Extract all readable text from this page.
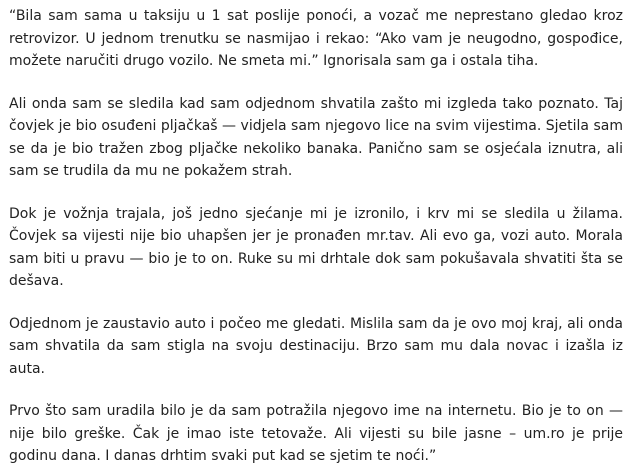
“Bila sam sama u taksiju u 1 sat poslije ponoći, a vozač me neprestano gledao kroz retrovizor. U jednom trenutku se nasmijao i rekao: “Ako vam je neugodno, gospođice, možete naručiti drugo vozilo. Ne smeta mi.” Ignorisala sam ga i ostala tiha.

Ali onda sam se sledila kad sam odjednom shvatila zašto mi izgleda tako poznato. Taj čovjek je bio osuđeni pljačkaš — vidjela sam njegovo lice na svim vijestima. Sjetila sam se da je bio tražen zbog pljačke nekoliko banaka. Panično sam se osjećala iznutra, ali sam se trudila da mu ne pokažem strah.

Dok je vožnja trajala, još jedno sjećanje mi je izronilo, i krv mi se sledila u žilama. Čovjek sa vijesti nije bio uhapšen jer je pronađen mr.tav. Ali evo ga, vozi auto. Morala sam biti u pravu — bio je to on. Ruke su mi drhtale dok sam pokušavala shvatiti šta se dešava.

Odjednom je zaustavio auto i počeo me gledati. Mislila sam da je ovo moj kraj, ali onda sam shvatila da sam stigla na svoju destinaciju. Brzo sam mu dala novac i izašla iz auta.

Prvo što sam uradila bilo je da sam potražila njegovo ime na internetu. Bio je to on — nije bilo greške. Čak je imao iste tetovaže. Ali vijesti su bile jasne – um.ro je prije godinu dana. I danas drhtim svaki put kad se sjetim te noći.”
